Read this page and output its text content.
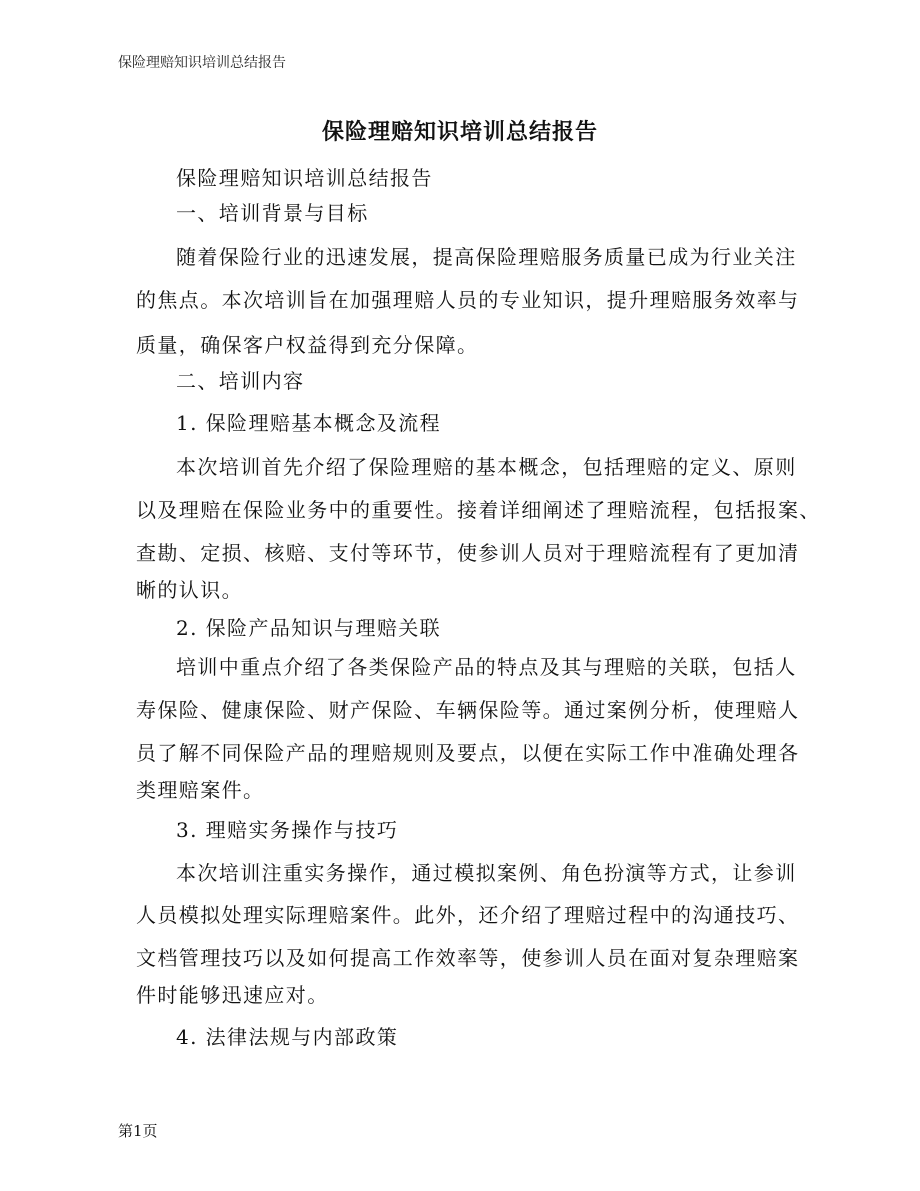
保险理赔知识培训总结报告
保险理赔知识培训总结报告
保险理赔知识培训总结报告
一、培训背景与目标
随着保险行业的迅速发展，提高保险理赔服务质量已成为行业关注
的焦点。本次培训旨在加强理赔人员的专业知识，提升理赔服务效率与
质量，确保客户权益得到充分保障。
二、培训内容
1. 保险理赔基本概念及流程
本次培训首先介绍了保险理赔的基本概念，包括理赔的定义、原则
以及理赔在保险业务中的重要性。接着详细阐述了理赔流程，包括报案、
查勘、定损、核赔、支付等环节，使参训人员对于理赔流程有了更加清
晰的认识。
2. 保险产品知识与理赔关联
培训中重点介绍了各类保险产品的特点及其与理赔的关联，包括人
寿保险、健康保险、财产保险、车辆保险等。通过案例分析，使理赔人
员了解不同保险产品的理赔规则及要点，以便在实际工作中准确处理各
类理赔案件。
3. 理赔实务操作与技巧
本次培训注重实务操作，通过模拟案例、角色扮演等方式，让参训
人员模拟处理实际理赔案件。此外，还介绍了理赔过程中的沟通技巧、
文档管理技巧以及如何提高工作效率等，使参训人员在面对复杂理赔案
件时能够迅速应对。
4. 法律法规与内部政策
第1页
